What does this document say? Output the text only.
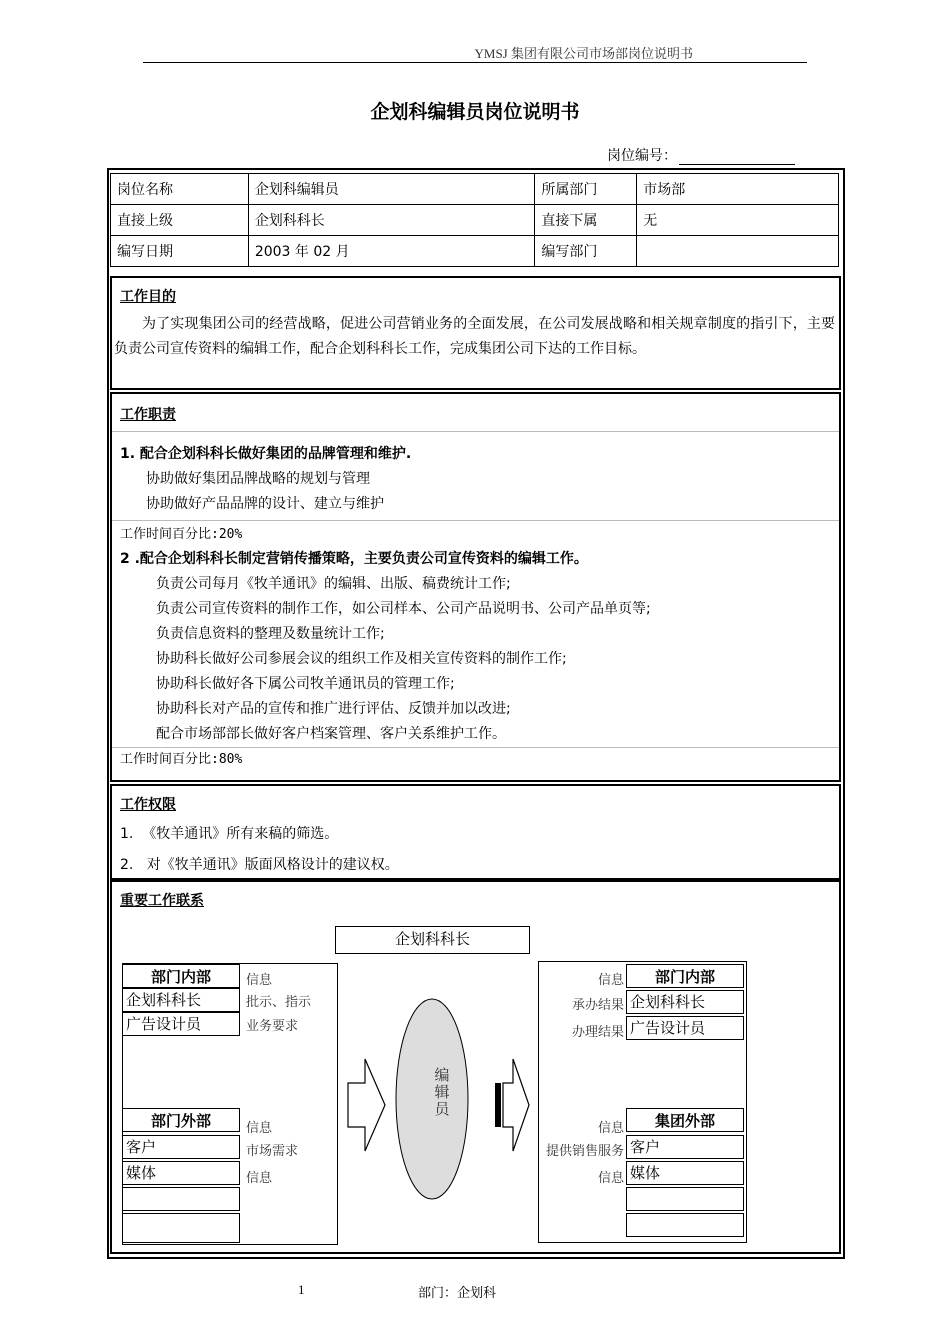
YMSJ 集团有限公司市场部岗位说明书
企划科编辑员岗位说明书
岗位编号：
岗位名称	企划科编辑员	所属部门	市场部
直接上级	企划科科长	直接下属	无
编写日期	2003 年 02 月	编写部门	
工作目的
为了实现集团公司的经营战略，促进公司营销业务的全面发展，在公司发展战略和相关规章制度的指引下，主要负责公司宣传资料的编辑工作，配合企划科科长工作，完成集团公司下达的工作目标。
工作职责
1. 配合企划科科长做好集团的品牌管理和维护.
协助做好集团品牌战略的规划与管理
协助做好产品品牌的设计、建立与维护
工作时间百分比:20%
2 .配合企划科科长制定营销传播策略，主要负责公司宣传资料的编辑工作。
负责公司每月《牧羊通讯》的编辑、出版、稿费统计工作;
负责公司宣传资料的制作工作，如公司样本、公司产品说明书、公司产品单页等;
负责信息资料的整理及数量统计工作;
协助科长做好公司参展会议的组织工作及相关宣传资料的制作工作;
协助科长做好各下属公司牧羊通讯员的管理工作;
协助科长对产品的宣传和推广进行评估、反馈并加以改进;
配合市场部部长做好客户档案管理、客户关系维护工作。
工作时间百分比:80%
工作权限
1.  《牧羊通讯》所有来稿的筛选。
2.   对《牧羊通讯》版面风格设计的建议权。
重要工作联系
企划科科长
部门内部
企划科科长
广告设计员
信息
批示、指示
业务要求
部门外部
客户
媒体
信息
市场需求
信息
编辑员
部门内部
企划科科长
广告设计员
信息
承办结果
办理结果
集团外部
客户
媒体
信息
提供销售服务
信息
1	部门：企划科
